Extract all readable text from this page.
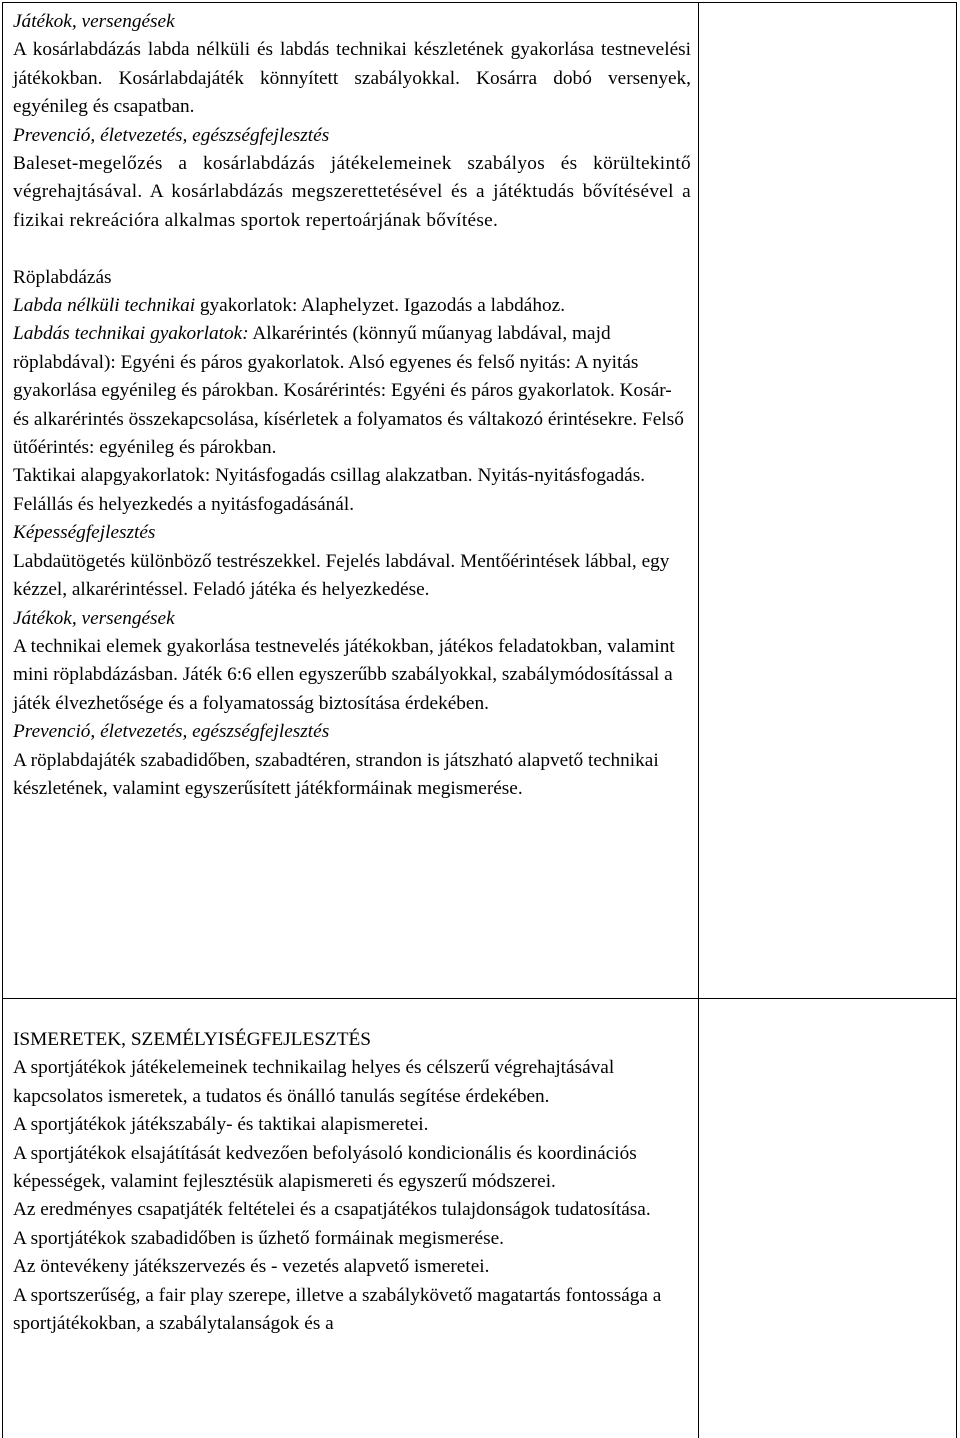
Játékok, versengések

A kosárlabdázás labda nélküli és labdás technikai készletének gyakorlása testnevelési játékokban. Kosárlabdajáték könnyített szabályokkal. Kosárra dobó versenyek, egyénileg és csapatban.

Prevenció, életvezetés, egészségfejlesztés

Baleset-megelőzés a kosárlabdázás játékelemeinek szabályos és körültekintő végrehajtásával. A kosárlabdázás megszerettetésével és a játéktudás bővítésével a fizikai rekreációra alkalmas sportok repertoárjának bővítése.

Röplabdázás

Labda nélküli technikai gyakorlatok: Alaphelyzet. Igazodás a labdához.

Labdás technikai gyakorlatok: Alkarérintés (könnyű műanyag labdával, majd röplabdával): Egyéni és páros gyakorlatok. Alsó egyenes és felső nyitás: A nyitás gyakorlása egyénileg és párokban. Kosárérintés: Egyéni és páros gyakorlatok. Kosár- és alkarérintés összekapcsolása, kísérletek a folyamatos és váltakozó érintésekre. Felső ütőérintés: egyénileg és párokban.

Taktikai alapgyakorlatok: Nyitásfogadás csillag alakzatban. Nyitás-nyitásfogadás. Felállás és helyezkedés a nyitásfogadásánál.

Képességfejlesztés

Labdaütögetés különböző testrészekkel. Fejelés labdával. Mentőérintések lábbal, egy kézzel, alkarérintéssel. Feladó játéka és helyezkedése.

Játékok, versengések

A technikai elemek gyakorlása testnevelés játékokban, játékos feladatokban, valamint mini röplabdázásban. Játék 6:6 ellen egyszerűbb szabályokkal, szabálymódosítással a játék élvezhetősége és a folyamatosság biztosítása érdekében.

Prevenció, életvezetés, egészségfejlesztés

A röplabdajáték szabadidőben, szabadtéren, strandon is játszható alapvető technikai készletének, valamint egyszerűsített játékformáinak megismerése.

ISMERETEK, SZEMÉLYISÉGFEJLESZTÉS

A sportjátékok játékelemeinek technikailag helyes és célszerű végrehajtásával kapcsolatos ismeretek, a tudatos és önálló tanulás segítése érdekében.

A sportjátékok játékszabály- és taktikai alapismeretei.

A sportjátékok elsajátítását kedvezően befolyásoló kondicionális és koordinációs képességek, valamint fejlesztésük alapismereti és egyszerű módszerei.

Az eredményes csapatjáték feltételei és a csapatjátékos tulajdonságok tudatosítása.

A sportjátékok szabadidőben is űzhető formáinak megismerése.

Az öntevékeny játékszervezés és - vezetés alapvető ismeretei.

A sportszerűség, a fair play szerepe, illetve a szabálykövető magatartás fontossága a sportjátékokban, a szabálytalanságok és a
